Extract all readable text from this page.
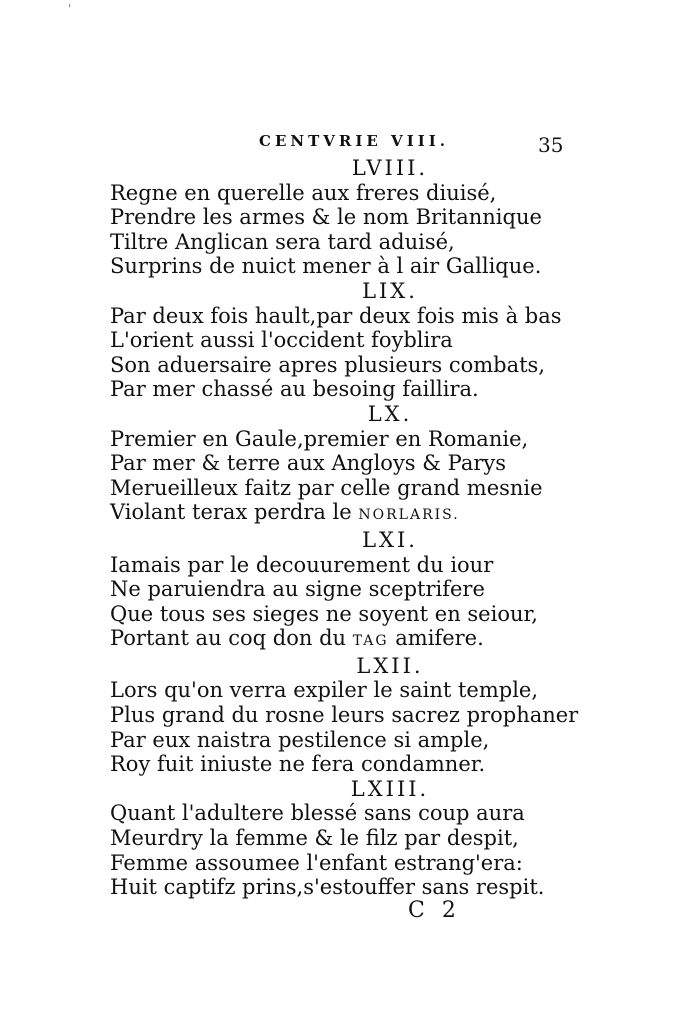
'
CENTVRIE VIII.	35
LVIII.
Regne en querelle aux freres diuisé,
Prendre les armes & le nom Britannique
Tiltre Anglican sera tard aduisé,
Surprins de nuict mener à l air Gallique.
LIX.
Par deux fois hault,par deux fois mis à bas
L'orient aussi l'occident foyblira
Son aduersaire apres plusieurs combats,
Par mer chassé au besoing faillira.
LX.
Premier en Gaule,premier en Romanie,
Par mer & terre aux Angloys & Parys
Merueilleux faitz par celle grand mesnie
Violant terax perdra le NORLARIS.
LXI.
Iamais par le decouurement du iour
Ne paruiendra au signe sceptrifere
Que tous ses sieges ne soyent en seiour,
Portant au coq don du TAG amifere.
LXII.
Lors qu'on verra expiler le saint temple,
Plus grand du rosne leurs sacrez prophaner
Par eux naistra pestilence si ample,
Roy fuit iniuste ne fera condamner.
LXIII.
Quant l'adultere blessé sans coup aura
Meurdry la femme & le filz par despit,
Femme assoumee l'enfant estrang'era:
Huit captifz prins,s'estouffer sans respit.
C 2
